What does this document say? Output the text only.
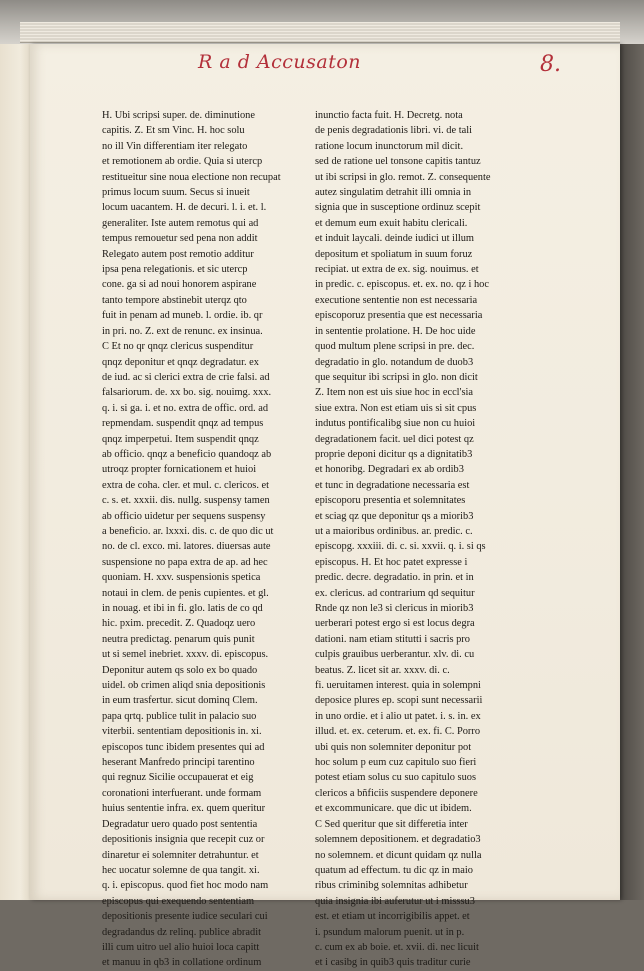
R a d Accusaton	8.
H. Ubi scripsi super. de. diminutione
capitis. Z. Et sm Vinc. H. hoc solu
no ill Vin differentiam iter relegato
et remotionem ab ordie. Quia si utercp
restitueitur sine noua electione non recupat
primus locum suum. Secus si inueit
locum uacantem. H. de decuri. l. i. et. l.
generaliter. Iste autem remotus qui ad
tempus remouetur sed pena non addit
Relegato autem post remotio additur
ipsa pena relegationis. et sic utercp
cone. ga si ad noui honorem aspirane
tanto tempore abstinebit uterqz qto
fuit in penam ad muneb. l. ordie. ib. qr
in pri. no. Z. ext de renunc. ex insinua.
C Et no qr qnqz clericus suspenditur
qnqz deponitur et qnqz degradatur. ex
de iud. ac si clerici extra de crie falsi. ad
falsariorum. de. xx bo. sig. nouimg. xxx.
q. i. si ga. i. et no. extra de offic. ord. ad
repmendam. suspendit qnqz ad tempus
qnqz imperpetui. Item suspendit qnqz
ab officio. qnqz a beneficio quandoqz ab
utroqz propter fornicationem et huioi
extra de coha. cler. et mul. c. clericos. et
c. s. et. xxxii. dis. nullg. suspensy tamen
ab officio uidetur per sequens suspensy
a beneficio. ar. lxxxi. dis. c. de quo dic ut
no. de cl. exco. mi. latores. diuersas aute
suspensione no papa extra de ap. ad hec
quoniam. H. xxv. suspensionis spetica
notaui in clem. de penis cupientes. et gl.
in nouag. et ibi in fi. glo. latis de co qd
hic. pxim. precedit. Z. Quadoqz uero
neutra predictag. penarum quis punit
ut si semel inebriet. xxxv. di. episcopus.
Deponitur autem qs solo ex bo quado
uidel. ob crimen aliqd snia depositionis
in eum trasfertur. sicut dominq Clem.
papa qrtq. publice tulit in palacio suo
viterbii. sententiam depositionis in. xi.
episcopos tunc ibidem presentes qui ad
heserant Manfredo principi tarentino
qui regnuz Sicilie occupauerat et eig
coronationi interfuerant. unde formam
huius sententie infra. ex. quem queritur
Degradatur uero quado post sententia
depositionis insignia que recepit cuz or
dinaretur ei solemniter detrahuntur. et
hec uocatur solemne de qua tangit. xi.
q. i. episcopus. quod fiet hoc modo nam
episcopus qui exequendo sententiam
depositionis presente iudice seculari cui
degradandus dz relinq. publice abradit
illi cum uitro uel alio huioi loca capitt
et manuu in qb3 in collatione ordinum
inunctio facta fuit. H. Decretg. nota
de penis degradationis libri. vi. de tali
ratione locum inunctorum mil dicit.
sed de ratione uel tonsone capitis tantuz
ut ibi scripsi in glo. remot. Z. consequente
autez singulatim detrahit illi omnia in
signia que in susceptione ordinuz scepit
et demum eum exuit habitu clericali.
et induit laycali. deinde iudici ut illum
depositum et spoliatum in suum foruz
recipiat. ut extra de ex. sig. nouimus. et
in predic. c. episcopus. et. ex. no. qz i hoc
executione sententie non est necessaria
episcoporuz presentia que est necessaria
in sententie prolatione. H. De hoc uide
quod multum plene scripsi in pre. dec.
degradatio in glo. notandum de duob3
que sequitur ibi scripsi in glo. non dicit
Z. Item non est uis siue hoc in eccl'sia
siue extra. Non est etiam uis si sit cpus
indutus pontificalibg siue non cu huioi
degradationem facit. uel dici potest qz
proprie deponi dicitur qs a dignitatib3
et honoribg. Degradari ex ab ordib3
et tunc in degradatione necessaria est
episcoporu presentia et solemnitates
et sciag qz que deponitur qs a miorib3
ut a maioribus ordinibus. ar. predic. c.
episcopg. xxxiii. di. c. si. xxvii. q. i. si qs
episcopus. H. Et hoc patet expresse i
predic. decre. degradatio. in prin. et in
ex. clericus. ad contrarium qd sequitur
Rnde qz non le3 si clericus in miorib3
uerberari potest ergo si est locus degra
dationi. nam etiam stitutti i sacris pro
culpis grauibus uerberantur. xlv. di. cu
beatus. Z. licet sit ar. xxxv. di. c.
fi. ueruitamen interest. quia in solempni
deposice plures ep. scopi sunt necessarii
in uno ordie. et i alio ut patet. i. s. in. ex
illud. et. ex. ceterum. et. ex. fi. C. Porro
ubi quis non solemniter deponitur pot
hoc solum p eum cuz capitulo suo fieri
potest etiam solus cu suo capitulo suos
clericos a bñficiis suspendere deponere
et excommunicare. que dic ut ibidem.
C Sed queritur que sit differetia inter
solemnem depositionem. et degradatio3
no solemnem. et dicunt quidam qz nulla
quatum ad effectum. tu dic qz in maio
ribus criminibg solemnitas adhibetur
quia insignia ibi auferutur ut i misssu3
est. et etiam ut incorrigibilis appet. et
i. psundum malorum puenit. ut in p.
c. cum ex ab boie. et. xvii. di. nec licuit
et i casibg in quib3 quis traditur curie
